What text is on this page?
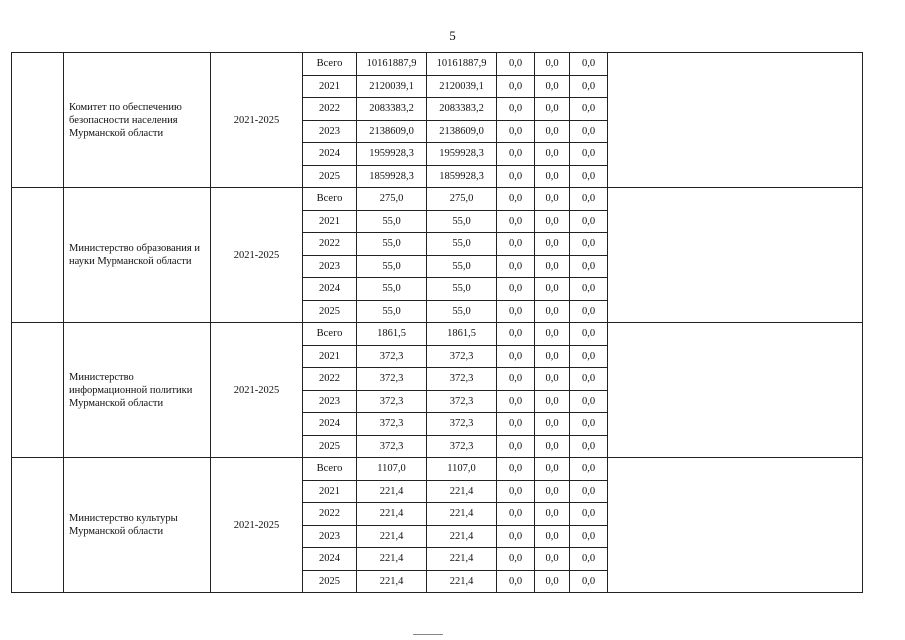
5
	Комитет по обеспечению безопасности населения Мурманской области	2021-2025	Всего	10161887,9	10161887,9	0,0	0,0	0,0	
			2021	2120039,1	2120039,1	0,0	0,0	0,0	
			2022	2083383,2	2083383,2	0,0	0,0	0,0	
			2023	2138609,0	2138609,0	0,0	0,0	0,0	
			2024	1959928,3	1959928,3	0,0	0,0	0,0	
			2025	1859928,3	1859928,3	0,0	0,0	0,0	
	Министерство образования и науки Мурманской области	2021-2025	Всего	275,0	275,0	0,0	0,0	0,0	
			2021	55,0	55,0	0,0	0,0	0,0	
			2022	55,0	55,0	0,0	0,0	0,0	
			2023	55,0	55,0	0,0	0,0	0,0	
			2024	55,0	55,0	0,0	0,0	0,0	
			2025	55,0	55,0	0,0	0,0	0,0	
	Министерство информационной политики Мурманской области	2021-2025	Всего	1861,5	1861,5	0,0	0,0	0,0	
			2021	372,3	372,3	0,0	0,0	0,0	
			2022	372,3	372,3	0,0	0,0	0,0	
			2023	372,3	372,3	0,0	0,0	0,0	
			2024	372,3	372,3	0,0	0,0	0,0	
			2025	372,3	372,3	0,0	0,0	0,0	
	Министерство культуры Мурманской области	2021-2025	Всего	1107,0	1107,0	0,0	0,0	0,0	
			2021	221,4	221,4	0,0	0,0	0,0	
			2022	221,4	221,4	0,0	0,0	0,0	
			2023	221,4	221,4	0,0	0,0	0,0	
			2024	221,4	221,4	0,0	0,0	0,0	
			2025	221,4	221,4	0,0	0,0	0,0	
